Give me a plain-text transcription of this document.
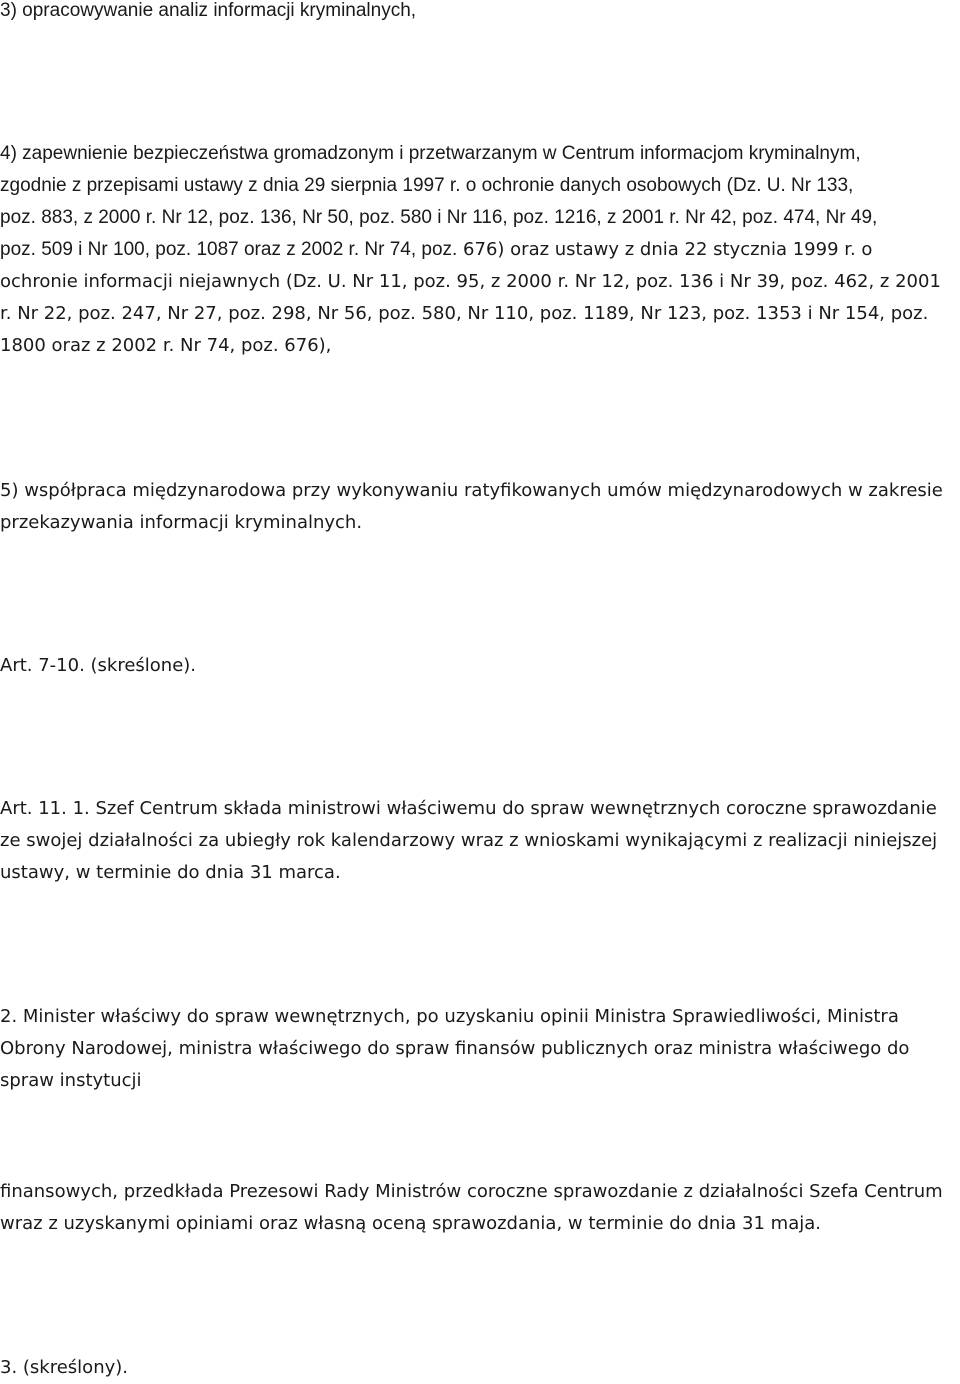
3) opracowywanie analiz informacji kryminalnych,
4) zapewnienie bezpieczeństwa gromadzonym i przetwarzanym w Centrum informacjom kryminalnym,
zgodnie z przepisami ustawy z dnia 29 sierpnia 1997 r. o ochronie danych osobowych (Dz. U. Nr 133,
poz. 883, z 2000 r. Nr 12, poz. 136, Nr 50, poz. 580 i Nr 116, poz. 1216, z 2001 r. Nr 42, poz. 474, Nr 49,
poz. 509 i Nr 100, poz. 1087 oraz z 2002 r. Nr 74, poz. 676) oraz ustawy z dnia 22 stycznia 1999 r. o
ochronie informacji niejawnych (Dz. U. Nr 11, poz. 95, z 2000 r. Nr 12, poz. 136 i Nr 39, poz. 462, z 2001
r. Nr 22, poz. 247, Nr 27, poz. 298, Nr 56, poz. 580, Nr 110, poz. 1189, Nr 123, poz. 1353 i Nr 154, poz.
1800 oraz z 2002 r. Nr 74, poz. 676),
5) współpraca międzynarodowa przy wykonywaniu ratyfikowanych umów międzynarodowych w zakresie
przekazywania informacji kryminalnych.
Art. 7-10. (skreślone).
Art. 11. 1. Szef Centrum składa ministrowi właściwemu do spraw wewnętrznych coroczne sprawozdanie
ze swojej działalności za ubiegły rok kalendarzowy wraz z wnioskami wynikającymi z realizacji niniejszej
ustawy, w terminie do dnia 31 marca.
2. Minister właściwy do spraw wewnętrznych, po uzyskaniu opinii Ministra Sprawiedliwości, Ministra
Obrony Narodowej, ministra właściwego do spraw finansów publicznych oraz ministra właściwego do
spraw instytucji
finansowych, przedkłada Prezesowi Rady Ministrów coroczne sprawozdanie z działalności Szefa Centrum
wraz z uzyskanymi opiniami oraz własną oceną sprawozdania, w terminie do dnia 31 maja.
3. (skreślony).
